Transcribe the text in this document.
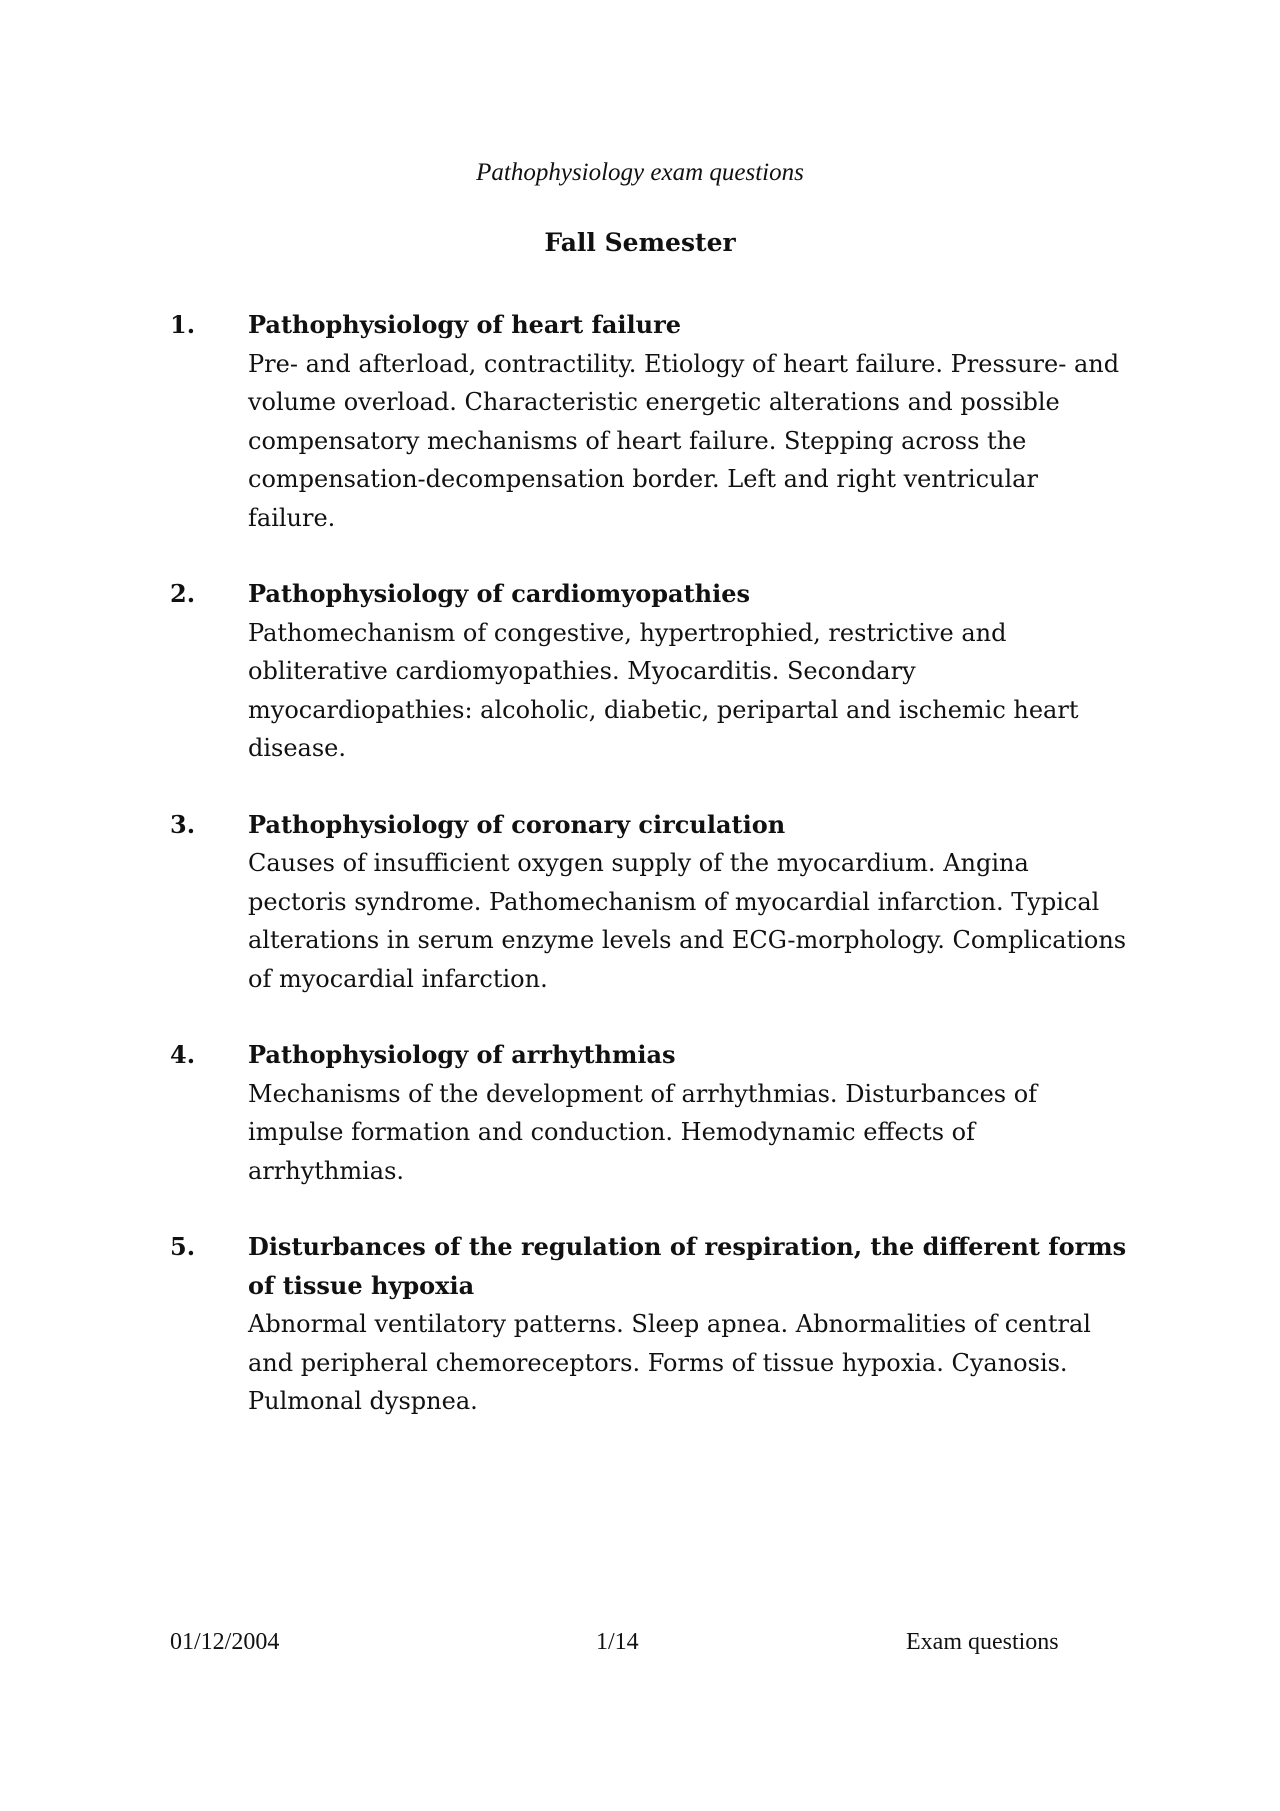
Pathophysiology exam questions
Fall Semester
1. Pathophysiology of heart failure
Pre- and afterload, contractility. Etiology of heart failure. Pressure- and volume overload. Characteristic energetic alterations and possible compensatory mechanisms of heart failure. Stepping across the compensation-decompensation border. Left and right ventricular failure.
2. Pathophysiology of cardiomyopathies
Pathomechanism of congestive, hypertrophied, restrictive and obliterative cardiomyopathies. Myocarditis. Secondary myocardiopathies: alcoholic, diabetic, peripartal and ischemic heart disease.
3. Pathophysiology of coronary circulation
Causes of insufficient oxygen supply of the myocardium. Angina pectoris syndrome. Pathomechanism of myocardial infarction. Typical alterations in serum enzyme levels and ECG-morphology. Complications of myocardial infarction.
4. Pathophysiology of arrhythmias
Mechanisms of the development of arrhythmias. Disturbances of impulse formation and conduction. Hemodynamic effects of arrhythmias.
5. Disturbances of the regulation of respiration, the different forms of tissue hypoxia
Abnormal ventilatory patterns. Sleep apnea. Abnormalities of central and peripheral chemoreceptors. Forms of tissue hypoxia. Cyanosis. Pulmonal dyspnea.
01/12/2004	1/14	Exam questions
